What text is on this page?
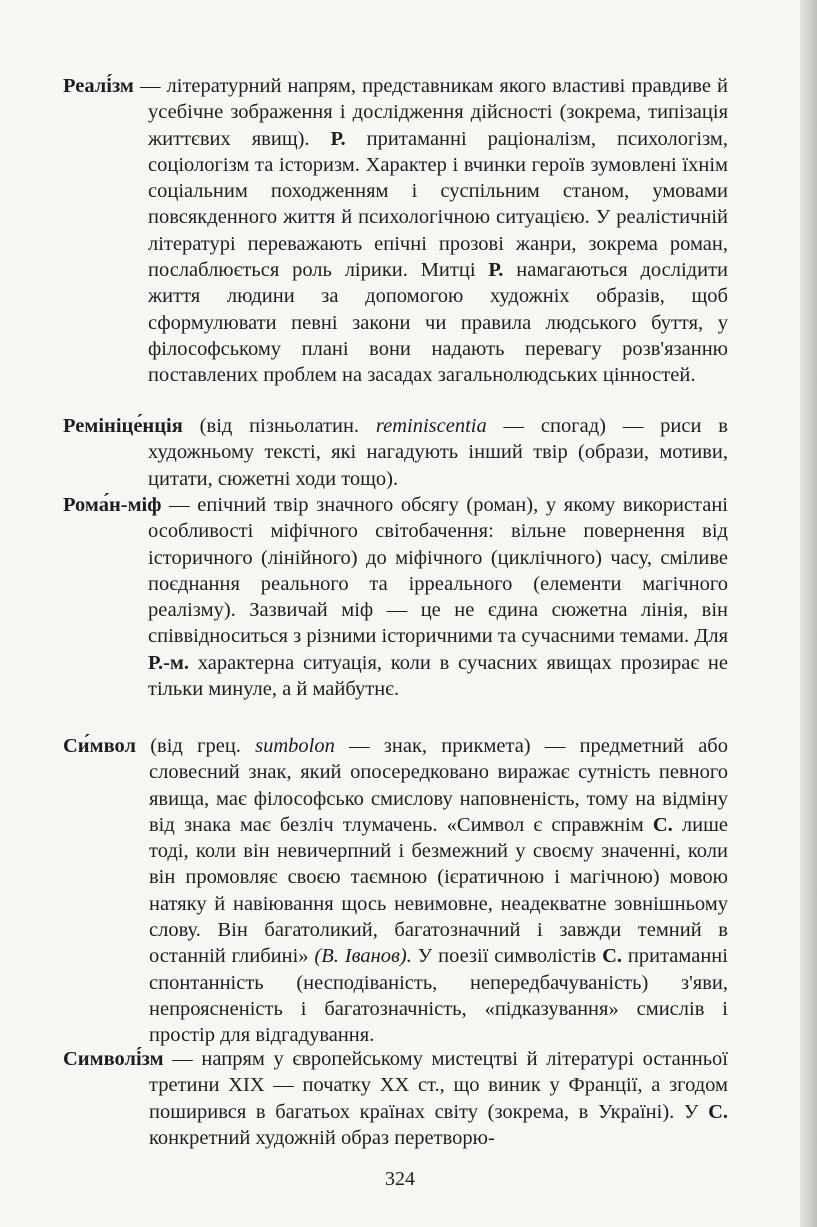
Реалі́зм — літературний напрям, представникам якого властиві правдиве й усебічне зображення і дослідження дійсності (зокрема, типізація життєвих явищ). Р. притаманні раціоналізм, психологізм, соціологізм та історизм. Характер і вчинки героїв зумовлені їхнім соціальним походженням і суспільним станом, умовами повсякденного життя й психологічною ситуацією. У реалістичній літературі переважають епічні прозові жанри, зокрема роман, послаблюється роль лірики. Митці Р. намагаються дослідити життя людини за допомогою художніх образів, щоб сформулювати певні закони чи правила людського буття, у філософському плані вони надають перевагу розв'язанню поставлених проблем на засадах загальнолюдських цінностей.

Ремініце́нція (від пізньолатин. reminiscentia — спогад) — риси в художньому тексті, які нагадують інший твір (образи, мотиви, цитати, сюжетні ходи тощо).

Рома́н-міф — епічний твір значного обсягу (роман), у якому використані особливості міфічного світобачення: вільне повернення від історичного (лінійного) до міфічного (циклічного) часу, сміливе поєднання реального та ірреального (елементи магічного реалізму). Зазвичай міф — це не єдина сюжетна лінія, він співвідноситься з різними історичними та сучасними темами. Для Р.-м. характерна ситуація, коли в сучасних явищах прозирає не тільки минуле, а й майбутнє.

Си́мвол (від грец. sumbolon — знак, прикмета) — предметний або словесний знак, який опосередковано виражає сутність певного явища, має філософсько смислову наповненість, тому на відміну від знака має безліч тлумачень. «Символ є справжнім С. лише тоді, коли він невичерпний і безмежний у своєму значенні, коли він промовляє своєю таємною (ієратичною і магічною) мовою натяку й навіювання щось невимовне, неадекватне зовнішньому слову. Він багатоликий, багатозначний і завжди темний в останній глибині» (В. Іванов). У поезії символістів С. притаманні спонтанність (несподіваність, непередбачуваність) з'яви, непроясненість і багатозначність, «підказування» смислів і простір для відгадування.

Символі́зм — напрям у європейському мистецтві й літературі останньої третини XIX — початку XX ст., що виник у Франції, а згодом поширився в багатьох країнах світу (зокрема, в Україні). У С. конкретний художній образ перетворю-

324
